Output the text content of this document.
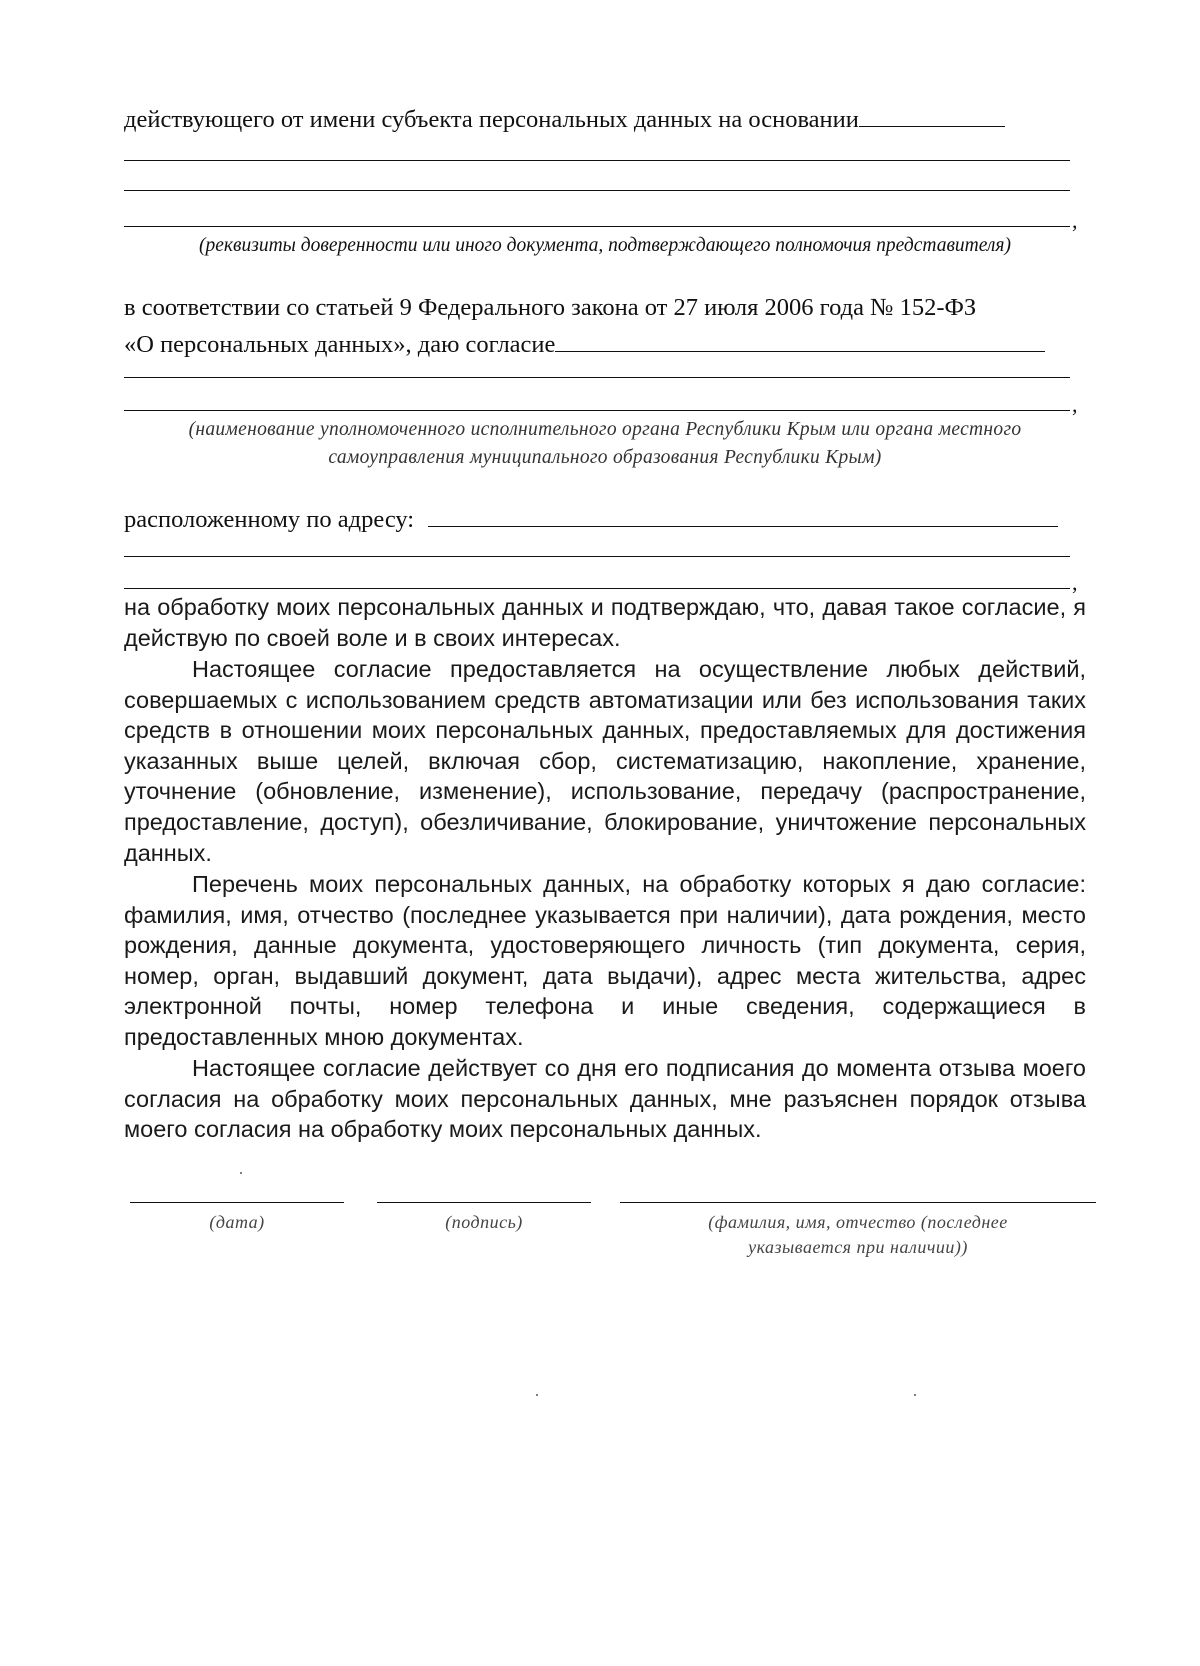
действующего от имени субъекта персональных данных на основании
,
(реквизиты доверенности или иного документа, подтверждающего полномочия представителя)
в соответствии со статьей 9 Федерального закона от 27 июля 2006 года № 152-ФЗ
«О персональных данных», даю согласие
,
(наименование уполномоченного исполнительного органа Республики Крым или органа местного
самоуправления муниципального образования Республики Крым)
расположенному по адресу:
,
на обработку моих персональных данных и подтверждаю, что, давая такое согласие, я действую по своей воле и в своих интересах.
Настоящее согласие предоставляется на осуществление любых действий, совершаемых с использованием средств автоматизации или без использования таких средств в отношении моих персональных данных, предоставляемых для достижения указанных выше целей, включая сбор, систематизацию, накопление, хранение, уточнение (обновление, изменение), использование, передачу (распространение, предоставление, доступ), обезличивание, блокирование, уничтожение персональных данных.
Перечень моих персональных данных, на обработку которых я даю согласие: фамилия, имя, отчество (последнее указывается при наличии), дата рождения, место рождения, данные документа, удостоверяющего личность (тип документа, серия, номер, орган, выдавший документ, дата выдачи), адрес места жительства, адрес электронной почты, номер телефона и иные сведения, содержащиеся в предоставленных мною документах.
Настоящее согласие действует со дня его подписания до момента отзыва моего согласия на обработку моих персональных данных, мне разъяснен порядок отзыва моего согласия на обработку моих персональных данных.
(дата)	(подпись)	(фамилия, имя, отчество (последнее
указывается при наличии))
